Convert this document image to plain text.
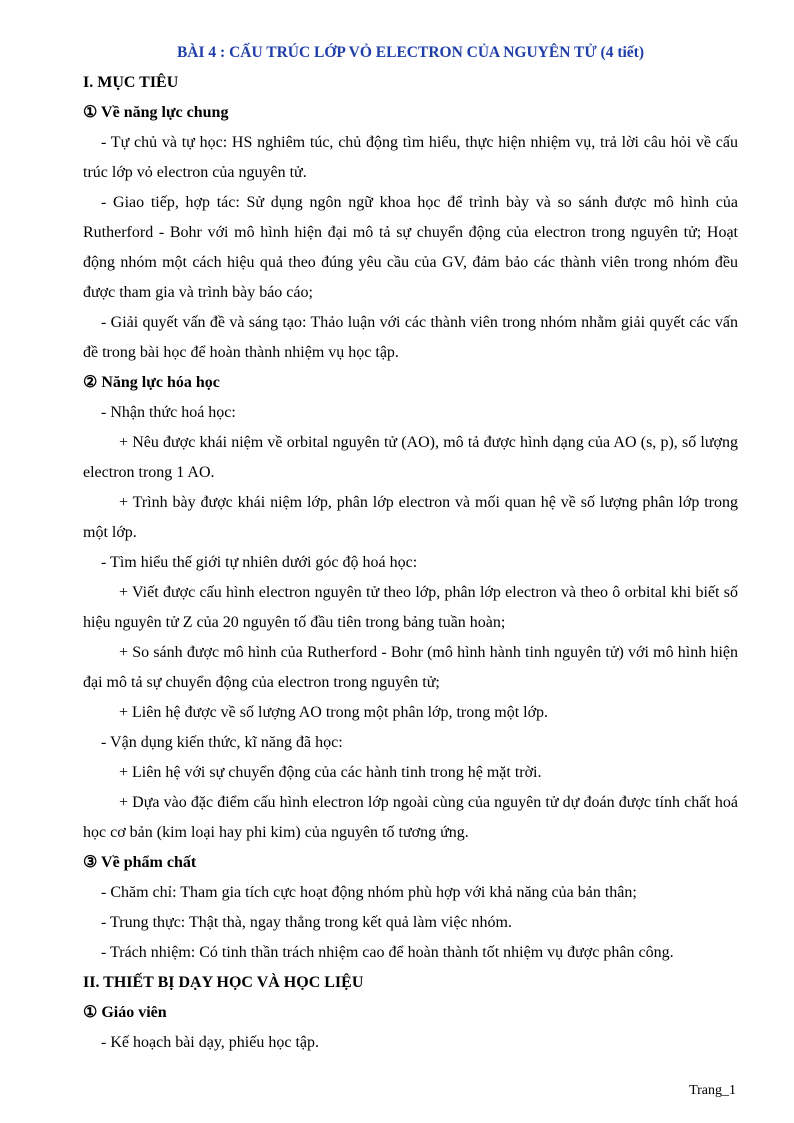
BÀI 4 : CẤU TRÚC LỚP VỎ ELECTRON CỦA NGUYÊN TỬ (4 tiết)
I. MỤC TIÊU
① Về năng lực chung
- Tự chủ và tự học: HS nghiêm túc, chủ động tìm hiểu, thực hiện nhiệm vụ, trả lời câu hỏi về cấu trúc lớp vỏ electron của nguyên tử.
- Giao tiếp, hợp tác: Sử dụng ngôn ngữ khoa học để trình bày và so sánh được mô hình của Rutherford - Bohr với mô hình hiện đại mô tả sự chuyển động của electron trong nguyên tử; Hoạt động nhóm một cách hiệu quả theo đúng yêu cầu của GV, đảm bảo các thành viên trong nhóm đều được tham gia và trình bày báo cáo;
- Giải quyết vấn đề và sáng tạo: Thảo luận với các thành viên trong nhóm nhằm giải quyết các vấn đề trong bài học để hoàn thành nhiệm vụ học tập.
② Năng lực hóa học
- Nhận thức hoá học:
+ Nêu được khái niệm về orbital nguyên tử (AO), mô tả được hình dạng của AO (s, p), số lượng electron trong 1 AO.
+ Trình bày được khái niệm lớp, phân lớp electron và mối quan hệ về số lượng phân lớp trong một lớp.
- Tìm hiểu thế giới tự nhiên dưới góc độ hoá học:
+ Viết được cấu hình electron nguyên tử theo lớp, phân lớp electron và theo ô orbital khi biết số hiệu nguyên tử Z của 20 nguyên tố đầu tiên trong bảng tuần hoàn;
+ So sánh được mô hình của Rutherford - Bohr (mô hình hành tinh nguyên tử) với mô hình hiện đại mô tả sự chuyển động của electron trong nguyên tử;
+ Liên hệ được về số lượng AO trong một phân lớp, trong một lớp.
- Vận dụng kiến thức, kĩ năng đã học:
+ Liên hệ với sự chuyển động của các hành tinh trong hệ mặt trời.
+ Dựa vào đặc điểm cấu hình electron lớp ngoài cùng của nguyên tử dự đoán được tính chất hoá học cơ bản (kim loại hay phi kim) của nguyên tố tương ứng.
③ Về phẩm chất
- Chăm chỉ: Tham gia tích cực hoạt động nhóm phù hợp với khả năng của bản thân;
- Trung thực: Thật thà, ngay thẳng trong kết quả làm việc nhóm.
- Trách nhiệm: Có tinh thần trách nhiệm cao để hoàn thành tốt nhiệm vụ được phân công.
II. THIẾT BỊ DẠY HỌC VÀ HỌC LIỆU
① Giáo viên
- Kế hoạch bài dạy, phiếu học tập.
Trang_1
